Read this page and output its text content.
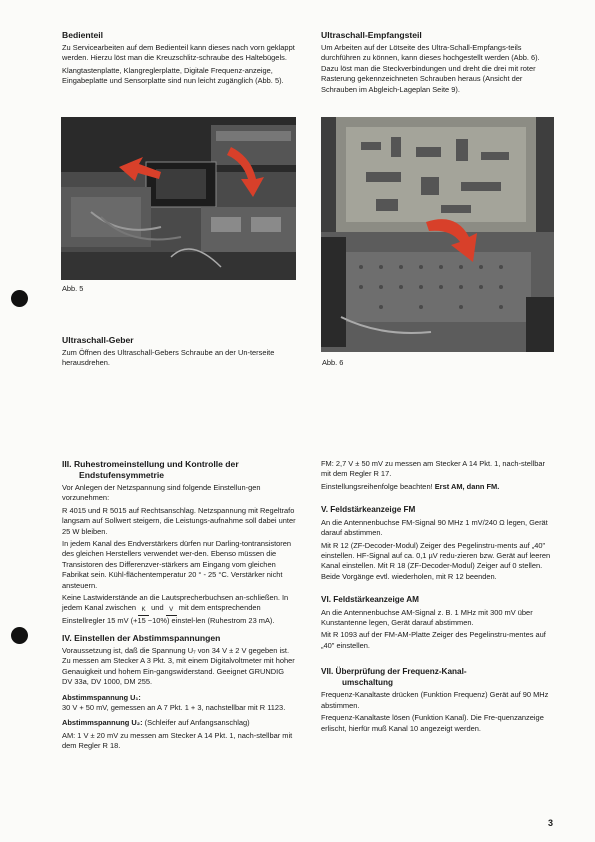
Bedienteil
Zu Servicearbeiten auf dem Bedienteil kann dieses nach vorn geklappt werden. Hierzu löst man die Kreuzschlitz-schraube des Haltebügels.
Klangtastenplatte, Klangreglerplatte, Digitale Frequenz-anzeige, Eingabeplatte und Sensorplatte sind nun leicht zugänglich (Abb. 5).
Abb. 5
Ultraschall-Geber
Zum Öffnen des Ultraschall-Gebers Schraube an der Un-terseite herausdrehen.
Ultraschall-Empfangsteil
Um Arbeiten auf der Lötseite des Ultra-Schall-Empfangs-teils durchführen zu können, kann dieses hochgestellt werden (Abb. 6). Dazu löst man die Steckverbindungen und dreht die drei mit roter Rasterung gekennzeichneten Schrauben heraus (Ansicht der Schrauben im Abgleich-Lageplan Seite 9).
Abb. 6
III. Ruhestromeinstellung und Kontrolle der
Endstufensymmetrie
Vor Anlegen der Netzspannung sind folgende Einstellun-gen vorzunehmen:
R 4015 und R 5015 auf Rechtsanschlag. Netzspannung mit Regeltrafo langsam auf Sollwert steigern, die Leistungs-aufnahme soll dabei unter 25 W bleiben.
In jedem Kanal des Endverstärkers dürfen nur Darling-tontransistoren des gleichen Herstellers verwendet wer-den. Ebenso müssen die Transistoren des Differenzver-stärkers am Eingang vom gleichen Fabrikat sein. Kühl-flächentemperatur 20 ° - 25 °C. Verstärker nicht ansteuern.
Keine Lastwiderstände an die Lautsprecherbuchsen an-schließen. In jedem Kanal zwischen K und V mit dem entsprechenden Einstellregler 15 mV (+15 −10%) einstel-len (Ruhestrom 23 mA).
IV. Einstellen der Abstimmspannungen
Voraussetzung ist, daß die Spannung U₇ von 34 V ± 2 V gegeben ist. Zu messen am Stecker A 3 Pkt. 3, mit einem Digitalvoltmeter mit hoher Genauigkeit und hohem Ein-gangswiderstand. Geeignet GRUNDIG DV 33a, DV 1000, DM 255.
Abstimmspannung U₁:
30 V + 50 mV, gemessen an A 7 Pkt. 1 + 3, nachstellbar mit R 1123.
Abstimmspannung U₂: (Schleifer auf Anfangsanschlag)
AM: 1 V ± 20 mV zu messen am Stecker A 14 Pkt. 1, nach-stellbar mit dem Regler R 18.
FM: 2,7 V ± 50 mV zu messen am Stecker A 14 Pkt. 1, nach-stellbar mit dem Regler R 17.
Einstellungsreihenfolge beachten! Erst AM, dann FM.
V. Feldstärkeanzeige FM
An die Antennenbuchse FM-Signal 90 MHz 1 mV/240 Ω legen, Gerät darauf abstimmen.
Mit R 12 (ZF-Decoder-Modul) Zeiger des Pegelinstru-ments auf „40" einstellen. HF-Signal auf ca. 0,1 µV redu-zieren bzw. Gerät auf leeren Kanal einstellen. Mit R 18 (ZF-Decoder-Modul) Zeiger auf 0 stellen. Beide Vorgänge evtl. wiederholen, mit R 12 beenden.
VI. Feldstärkeanzeige AM
An die Antennenbuchse AM-Signal z. B. 1 MHz mit 300 mV über Kunstantenne legen, Gerät darauf abstimmen.
Mit R 1093 auf der FM-AM-Platte Zeiger des Pegelinstru-mentes auf „40" einstellen.
VII. Überprüfung der Frequenz-Kanal-
umschaltung
Frequenz-Kanaltaste drücken (Funktion Frequenz) Gerät auf 90 MHz abstimmen.
Frequenz-Kanaltaste lösen (Funktion Kanal). Die Fre-quenzanzeige erlischt, hierfür muß Kanal 10 angezeigt werden.
3
